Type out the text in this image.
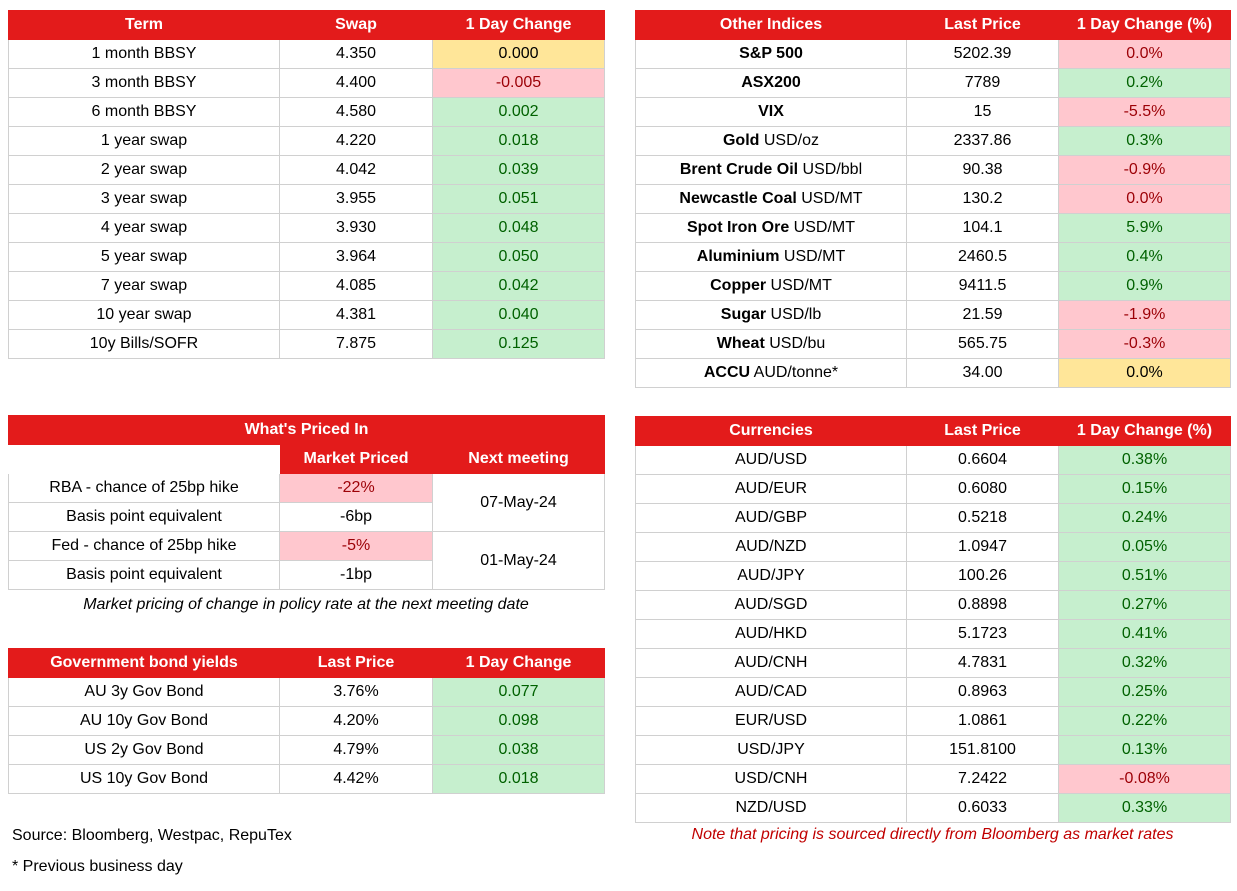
Term	Swap	1 Day Change
1 month BBSY	4.350	0.000
3 month BBSY	4.400	-0.005
6 month BBSY	4.580	0.002
1 year swap	4.220	0.018
2 year swap	4.042	0.039
3 year swap	3.955	0.051
4 year swap	3.930	0.048
5 year swap	3.964	0.050
7 year swap	4.085	0.042
10 year swap	4.381	0.040
10y Bills/SOFR	7.875	0.125
Other Indices	Last Price	1 Day Change (%)
S&P 500	5202.39	0.0%
ASX200	7789	0.2%
VIX	15	-5.5%
Gold USD/oz	2337.86	0.3%
Brent Crude Oil USD/bbl	90.38	-0.9%
Newcastle Coal USD/MT	130.2	0.0%
Spot Iron Ore USD/MT	104.1	5.9%
Aluminium USD/MT	2460.5	0.4%
Copper USD/MT	9411.5	0.9%
Sugar USD/lb	21.59	-1.9%
Wheat USD/bu	565.75	-0.3%
ACCU AUD/tonne*	34.00	0.0%
What's Priced In		
	Market Priced	Next meeting
RBA - chance of 25bp hike	-22%	07-May-24
Basis point equivalent	-6bp	
Fed - chance of 25bp hike	-5%	01-May-24
Basis point equivalent	-1bp	
Market pricing of change in policy rate at the next meeting date
Government bond yields	Last Price	1 Day Change
AU 3y Gov Bond	3.76%	0.077
AU 10y Gov Bond	4.20%	0.098
US 2y Gov Bond	4.79%	0.038
US 10y Gov Bond	4.42%	0.018
Currencies	Last Price	1 Day Change (%)
AUD/USD	0.6604	0.38%
AUD/EUR	0.6080	0.15%
AUD/GBP	0.5218	0.24%
AUD/NZD	1.0947	0.05%
AUD/JPY	100.26	0.51%
AUD/SGD	0.8898	0.27%
AUD/HKD	5.1723	0.41%
AUD/CNH	4.7831	0.32%
AUD/CAD	0.8963	0.25%
EUR/USD	1.0861	0.22%
USD/JPY	151.8100	0.13%
USD/CNH	7.2422	-0.08%
NZD/USD	0.6033	0.33%
Source: Bloomberg, Westpac, RepuTex
* Previous business day
Note that pricing is sourced directly from Bloomberg as market rates
